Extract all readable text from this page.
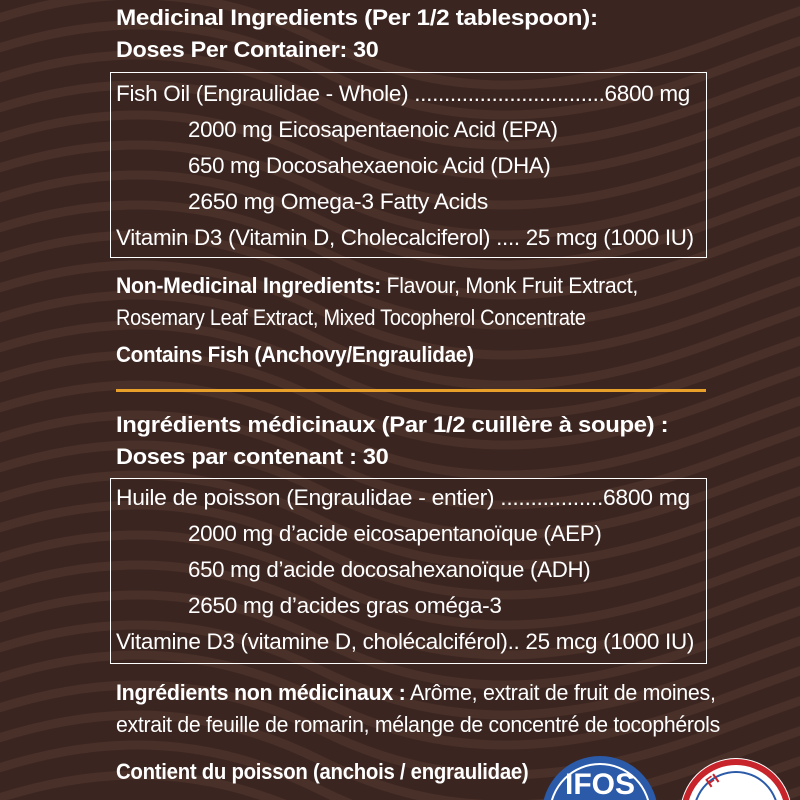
Medicinal Ingredients (Per 1/2 tablespoon):
Doses Per Container: 30
Fish Oil (Engraulidae - Whole) ................................6800 mg
2000 mg Eicosapentaenoic Acid (EPA)
650 mg Docosahexaenoic Acid (DHA)
2650 mg Omega-3 Fatty Acids
Vitamin D3 (Vitamin D, Cholecalciferol) .... 25 mcg (1000 IU)
Non-Medicinal Ingredients: Flavour, Monk Fruit Extract,
Rosemary Leaf Extract, Mixed Tocopherol Concentrate
Contains Fish (Anchovy/Engraulidae)
Ingrédients médicinaux (Par 1/2 cuillère à soupe) :
Doses par contenant : 30
Huile de poisson (Engraulidae - entier) .................6800 mg
2000 mg d’acide eicosapentanoïque (AEP)
650 mg d’acide docosahexanoïque (ADH)
2650 mg d’acides gras oméga-3
Vitamine D3 (vitamine D, cholécalciférol).. 25 mcg (1000 IU)
Ingrédients non médicinaux : Arôme, extrait de fruit de moines,
extrait de feuille de romarin, mélange de concentré de tocophérols
Contient du poisson (anchois / engraulidae) IFOS	FI
